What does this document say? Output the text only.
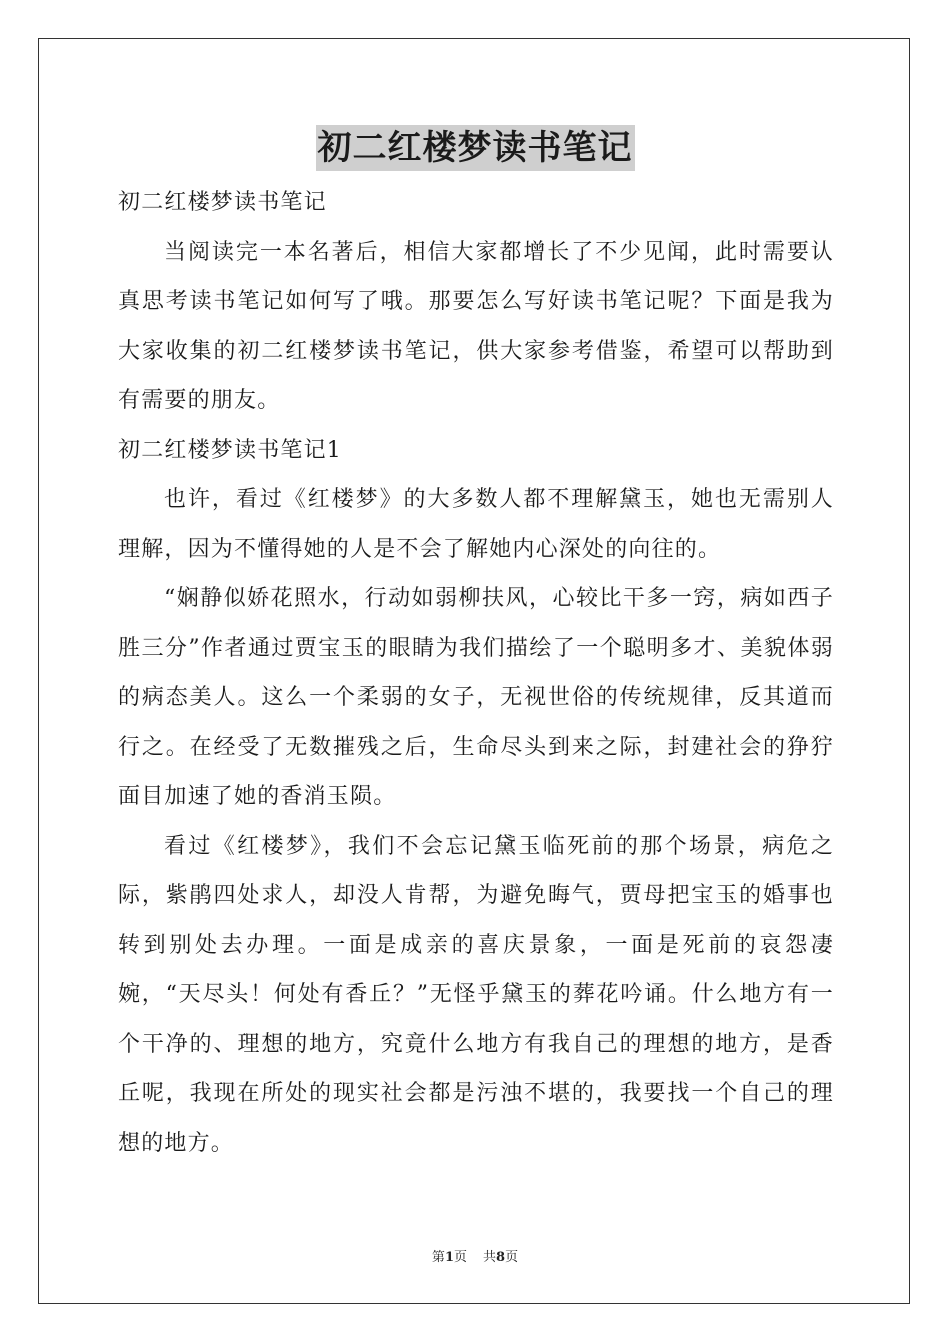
初二红楼梦读书笔记

初二红楼梦读书笔记

当阅读完一本名著后，相信大家都增长了不少见闻，此时需要认真思考读书笔记如何写了哦。那要怎么写好读书笔记呢？下面是我为大家收集的初二红楼梦读书笔记，供大家参考借鉴，希望可以帮助到有需要的朋友。

初二红楼梦读书笔记1

也许，看过《红楼梦》的大多数人都不理解黛玉，她也无需别人理解，因为不懂得她的人是不会了解她内心深处的向往的。

“娴静似娇花照水，行动如弱柳扶风，心较比干多一窍，病如西子胜三分”作者通过贾宝玉的眼睛为我们描绘了一个聪明多才、美貌体弱的病态美人。这么一个柔弱的女子，无视世俗的传统规律，反其道而行之。在经受了无数摧残之后，生命尽头到来之际，封建社会的狰狞面目加速了她的香消玉陨。

看过《红楼梦》，我们不会忘记黛玉临死前的那个场景，病危之际，紫鹃四处求人，却没人肯帮，为避免晦气，贾母把宝玉的婚事也转到别处去办理。一面是成亲的喜庆景象，一面是死前的哀怨凄婉，“天尽头！何处有香丘？”无怪乎黛玉的葬花吟诵。什么地方有一个干净的、理想的地方，究竟什么地方有我自己的理想的地方，是香丘呢，我现在所处的现实社会都是污浊不堪的，我要找一个自己的理想的地方。

第1页 共8页
